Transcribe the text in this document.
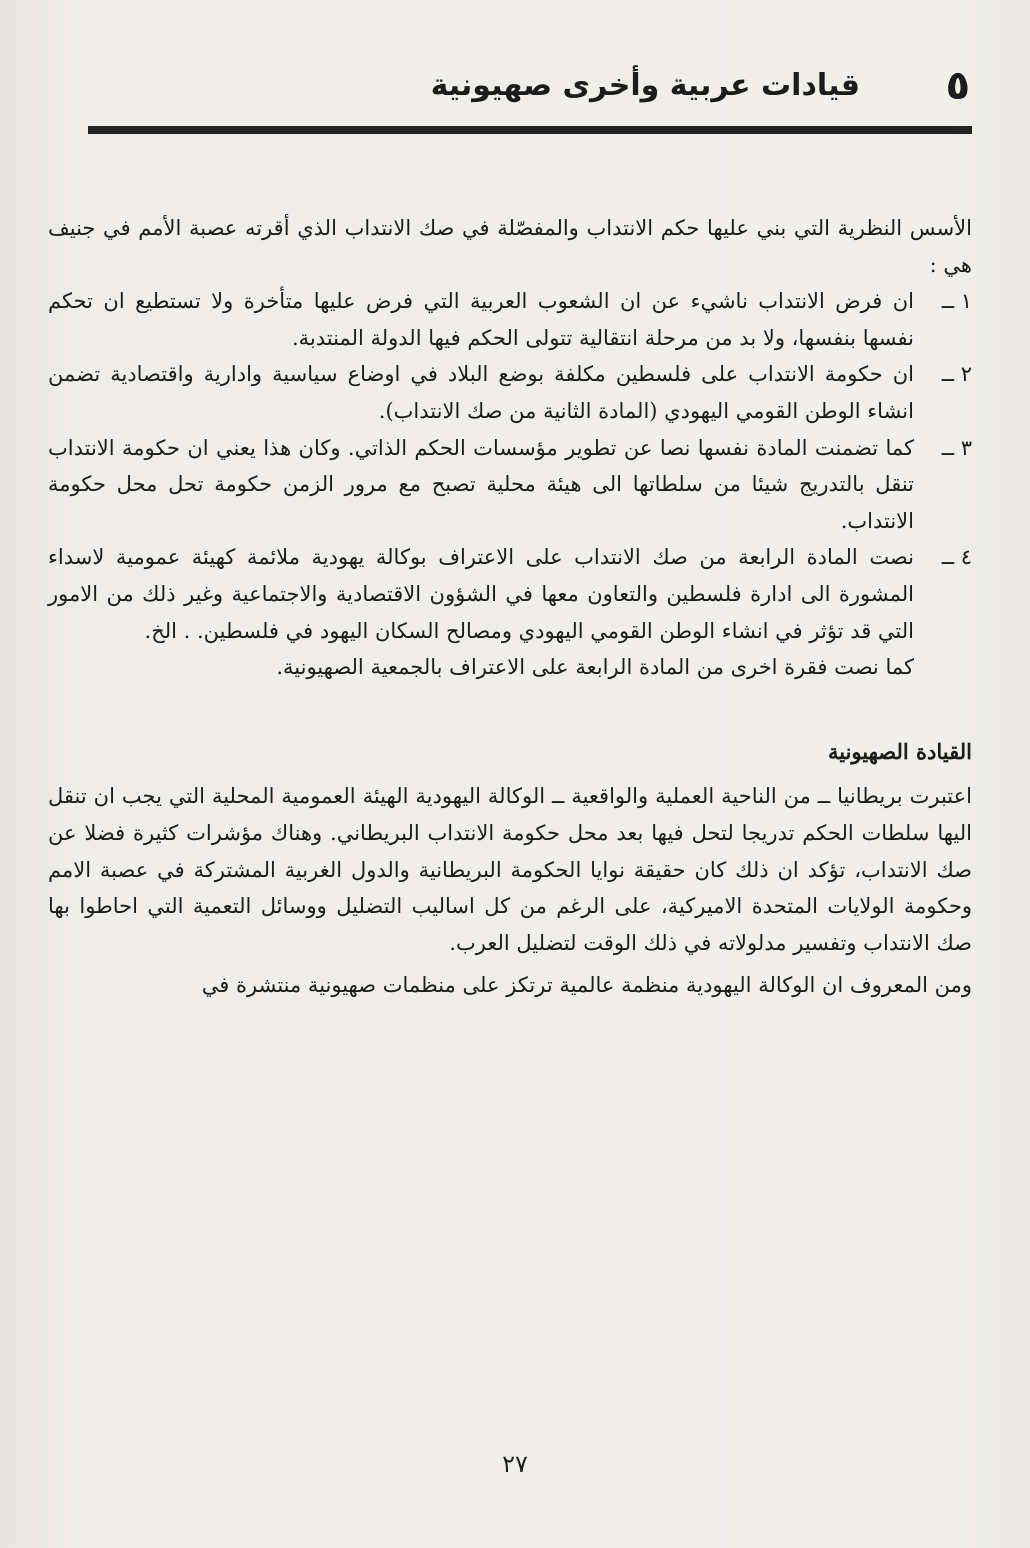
٥
قيادات عربية وأخرى صهيونية

الأسس النظرية التي بني عليها حكم الانتداب والمفصّلة في صك الانتداب الذي أقرته عصبة الأمم في جنيف هي :

١ ــ
ان فرض الانتداب ناشيء عن ان الشعوب العربية التي فرض عليها متأخرة ولا تستطيع ان تحكم نفسها بنفسها، ولا بد من مرحلة انتقالية تتولى الحكم فيها الدولة المنتدبة.

٢ ــ
ان حكومة الانتداب على فلسطين مكلفة بوضع البلاد في اوضاع سياسية وادارية واقتصادية تضمن انشاء الوطن القومي اليهودي (المادة الثانية من صك الانتداب).

٣ ــ
كما تضمنت المادة نفسها نصا عن تطوير مؤسسات الحكم الذاتي. وكان هذا يعني ان حكومة الانتداب تنقل بالتدريج شيئا من سلطاتها الى هيئة محلية تصبح مع مرور الزمن حكومة تحل محل حكومة الانتداب.

٤ ــ
نصت المادة الرابعة من صك الانتداب على الاعتراف بوكالة يهودية ملائمة كهيئة عمومية لاسداء المشورة الى ادارة فلسطين والتعاون معها في الشؤون الاقتصادية والاجتماعية وغير ذلك من الامور التي قد تؤثر في انشاء الوطن القومي اليهودي ومصالح السكان اليهود في فلسطين. . الخ.

كما نصت فقرة اخرى من المادة الرابعة على الاعتراف بالجمعية الصهيونية.

القيادة الصهيونية

اعتبرت بريطانيا ــ من الناحية العملية والواقعية ــ الوكالة اليهودية الهيئة العمومية المحلية التي يجب ان تنقل اليها سلطات الحكم تدريجا لتحل فيها بعد محل حكومة الانتداب البريطاني. وهناك مؤشرات كثيرة فضلا عن صك الانتداب، تؤكد ان ذلك كان حقيقة نوايا الحكومة البريطانية والدول الغربية المشتركة في عصبة الامم وحكومة الولايات المتحدة الاميركية، على الرغم من كل اساليب التضليل ووسائل التعمية التي احاطوا بها صك الانتداب وتفسير مدلولاته في ذلك الوقت لتضليل العرب.

ومن المعروف ان الوكالة اليهودية منظمة عالمية ترتكز على منظمات صهيونية منتشرة في

٢٧
